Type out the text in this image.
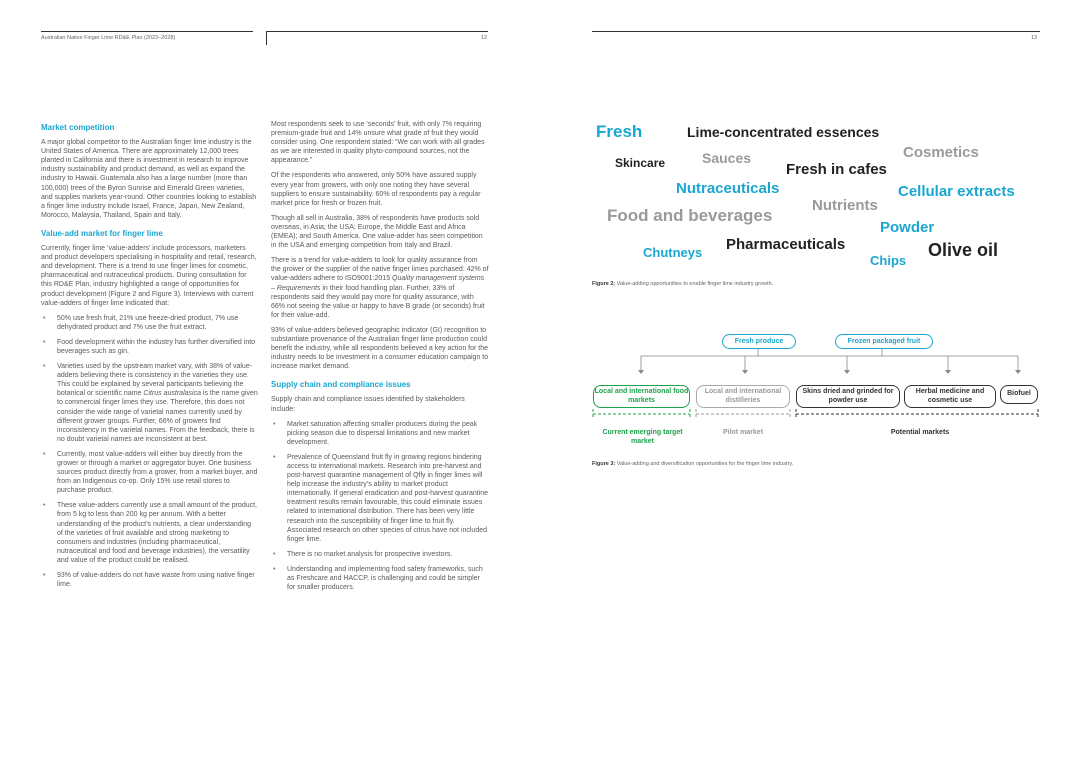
Australian Native Finger Lime RD&E Plan (2023–2028)	12	13
Market competition

A major global competitor to the Australian finger lime industry is the United States of America. There are approximately 12,000 trees planted in California and there is investment in research to improve industry sustainability and product demand, as well as expand the industry to Hawaii. Guatemala also has a large number (more than 100,000) trees of the Byron Sunrise and Emerald Green varieties, and supplies markets year-round. Other countries looking to establish a finger lime industry include Israel, France, Japan, New Zealand, Morocco, Malaysia, Thailand, Spain and Italy.

Value-add market for finger lime

Currently, finger lime ‘value-adders’ include processors, marketers and product developers specialising in hospitality and retail, research, and development. There is a trend to use finger limes for cosmetic, pharmaceutical and nutraceutical products. During consultation for this RD&E Plan, industry highlighted a range of opportunities for product development (Figure 2 and Figure 3). Interviews with current value-adders of finger lime indicated that:

• 50% use fresh fruit, 21% use freeze-dried product, 7% use dehydrated product and 7% use the fruit extract.
• Food development within the industry has further diversified into beverages such as gin.
• Varieties used by the upstream market vary, with 38% of value-adders believing there is consistency in the varieties they use. This could be explained by several participants believing the botanical or scientific name Citrus australasica is the name given to commercial finger limes they use. Therefore, this does not consider the wide range of varietal names currently used by different grower groups. Further, 66% of growers find inconsistency in the varietal names. From the feedback, there is no doubt varietal names are inconsistent at best.
• Currently, most value-adders will either buy directly from the grower or through a market or aggregator buyer. One business sources product directly from a grower, from a market buyer, and from an Indigenous co-op. Only 15% use retail stores to purchase product.
• These value-adders currently use a small amount of the product, from 5 kg to less than 200 kg per annum. With a better understanding of the product’s nutrients, a clear understanding of the varieties of fruit available and strong marketing to consumers and industries (including pharmaceutical, nutraceutical and food and beverage industries), the versatility and value of the product could be realised.
• 93% of value-adders do not have waste from using native finger lime.

Most respondents seek to use ‘seconds’ fruit, with only 7% requiring premium-grade fruit and 14% unsure what grade of fruit they would consider using. One respondent stated: “We can work with all grades as we are interested in quality phyto-compound sources, not the appearance.”

Of the respondents who answered, only 50% have assured supply every year from growers, with only one noting they have several suppliers to ensure sustainability. 60% of respondents pay a regular market price for fresh or frozen fruit.

Though all sell in Australia, 38% of respondents have products sold overseas, in Asia; the USA; Europe, the Middle East and Africa (EMEA); and South America. One value-adder has seen competition in the USA and emerging competition from Italy and Brazil.

There is a trend for value-adders to look for quality assurance from the grower or the supplier of the native finger limes purchased: 42% of value-adders adhere to ISO9001:2015 Quality management systems – Requirements in their food handling plan. Further, 33% of respondents said they would pay more for quality assurance, with 66% not seeing the value or happy to have B grade (or seconds) fruit for their value-add.

93% of value-adders believed geographic indicator (GI) recognition to substantiate provenance of the Australian finger lime production could benefit the industry, while all respondents believed a key action for the industry needs to be investment in a consumer education campaign to increase market demand.

Supply chain and compliance issues

Supply chain and compliance issues identified by stakeholders include:

• Market saturation affecting smaller producers during the peak picking season due to dispersal limitations and new market development.
• Prevalence of Queensland fruit fly in growing regions hindering access to international markets. Research into pre-harvest and post-harvest quarantine management of Qfly in finger limes will help increase the industry’s ability to market product internationally. If general eradication and post-harvest quarantine treatment results remain favourable, this could eliminate issues related to international distribution. There has been very little research into the susceptibility of finger lime to fruit fly. Associated research on other species of citrus have not included finger lime.
• There is no market analysis for prospective investors.
• Understanding and implementing food safety frameworks, such as Freshcare and HACCP, is challenging and could be simpler for smaller producers.
Fresh	Lime-concentrated essences
Skincare	Sauces	Cosmetics
Fresh in cafes
Nutraceuticals	Cellular extracts
Nutrients
Food and beverages
Powder
Chutneys Pharmaceuticals
Chips
Olive oil
Figure 2: Value-adding opportunities to enable finger lime industry growth.
Fresh produce	Frozen packaged fruit
Local and international food markets
Local and international distilleries
Skins dried and grinded for powder use
Herbal medicine and cosmetic use
Biofuel
Current emerging target market
Pilot market	Potential markets
Figure 3: Value-adding and diversification opportunities for the finger lime industry.
